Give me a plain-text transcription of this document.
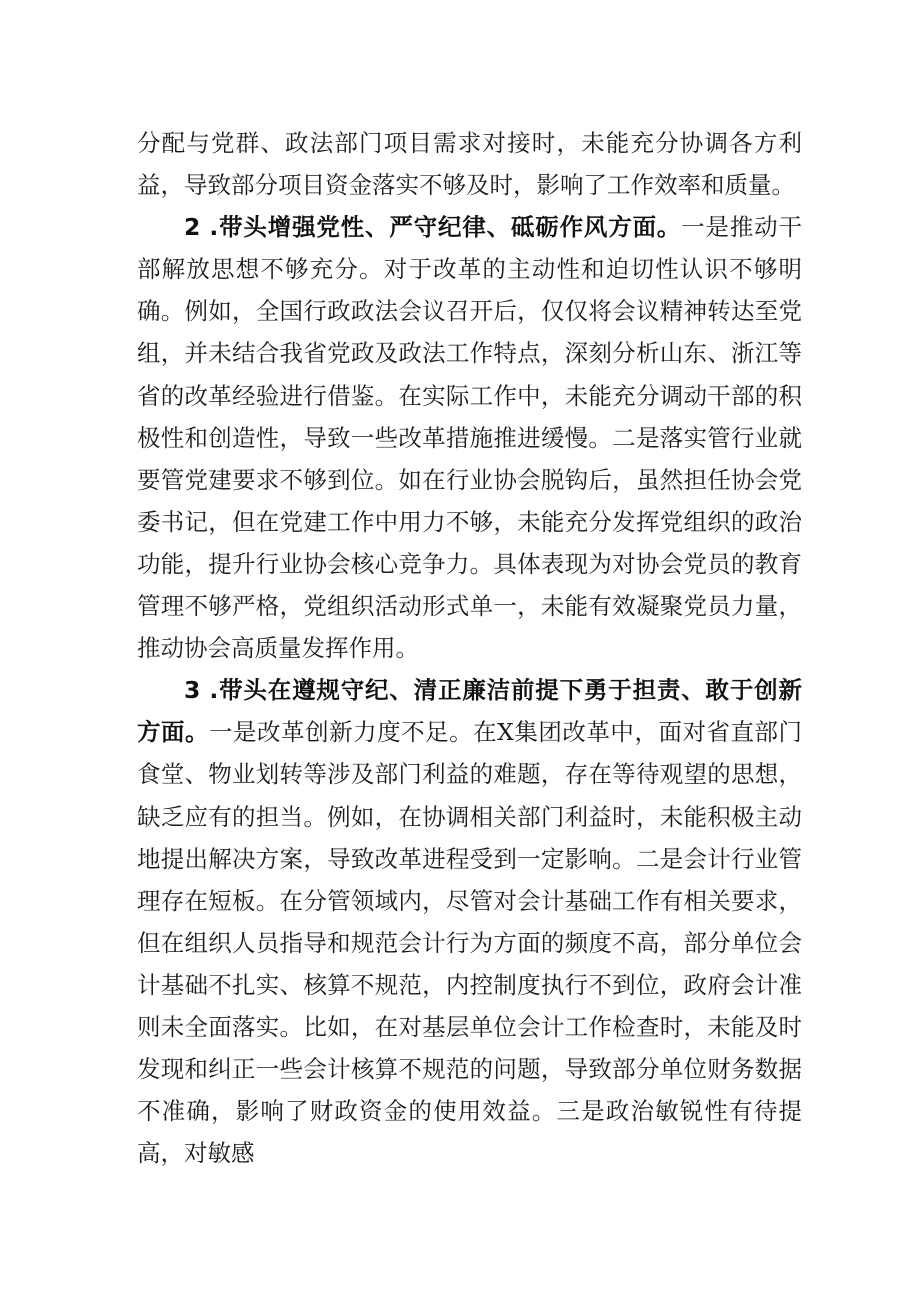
分配与党群、政法部门项目需求对接时，未能充分协调各方利益，导致部分项目资金落实不够及时，影响了工作效率和质量。

2 .带头增强党性、严守纪律、砥砺作风方面。一是推动干部解放思想不够充分。对于改革的主动性和迫切性认识不够明确。例如，全国行政政法会议召开后，仅仅将会议精神转达至党组，并未结合我省党政及政法工作特点，深刻分析山东、浙江等省的改革经验进行借鉴。在实际工作中，未能充分调动干部的积极性和创造性，导致一些改革措施推进缓慢。二是落实管行业就要管党建要求不够到位。如在行业协会脱钩后，虽然担任协会党委书记，但在党建工作中用力不够，未能充分发挥党组织的政治功能，提升行业协会核心竞争力。具体表现为对协会党员的教育管理不够严格，党组织活动形式单一，未能有效凝聚党员力量，推动协会高质量发挥作用。

3 .带头在遵规守纪、清正廉洁前提下勇于担责、敢于创新方面。一是改革创新力度不足。在X集团改革中，面对省直部门食堂、物业划转等涉及部门利益的难题，存在等待观望的思想，缺乏应有的担当。例如，在协调相关部门利益时，未能积极主动地提出解决方案，导致改革进程受到一定影响。二是会计行业管理存在短板。在分管领域内，尽管对会计基础工作有相关要求，但在组织人员指导和规范会计行为方面的频度不高，部分单位会计基础不扎实、核算不规范，内控制度执行不到位，政府会计准则未全面落实。比如，在对基层单位会计工作检查时，未能及时发现和纠正一些会计核算不规范的问题，导致部分单位财务数据不准确，影响了财政资金的使用效益。三是政治敏锐性有待提高，对敏感
